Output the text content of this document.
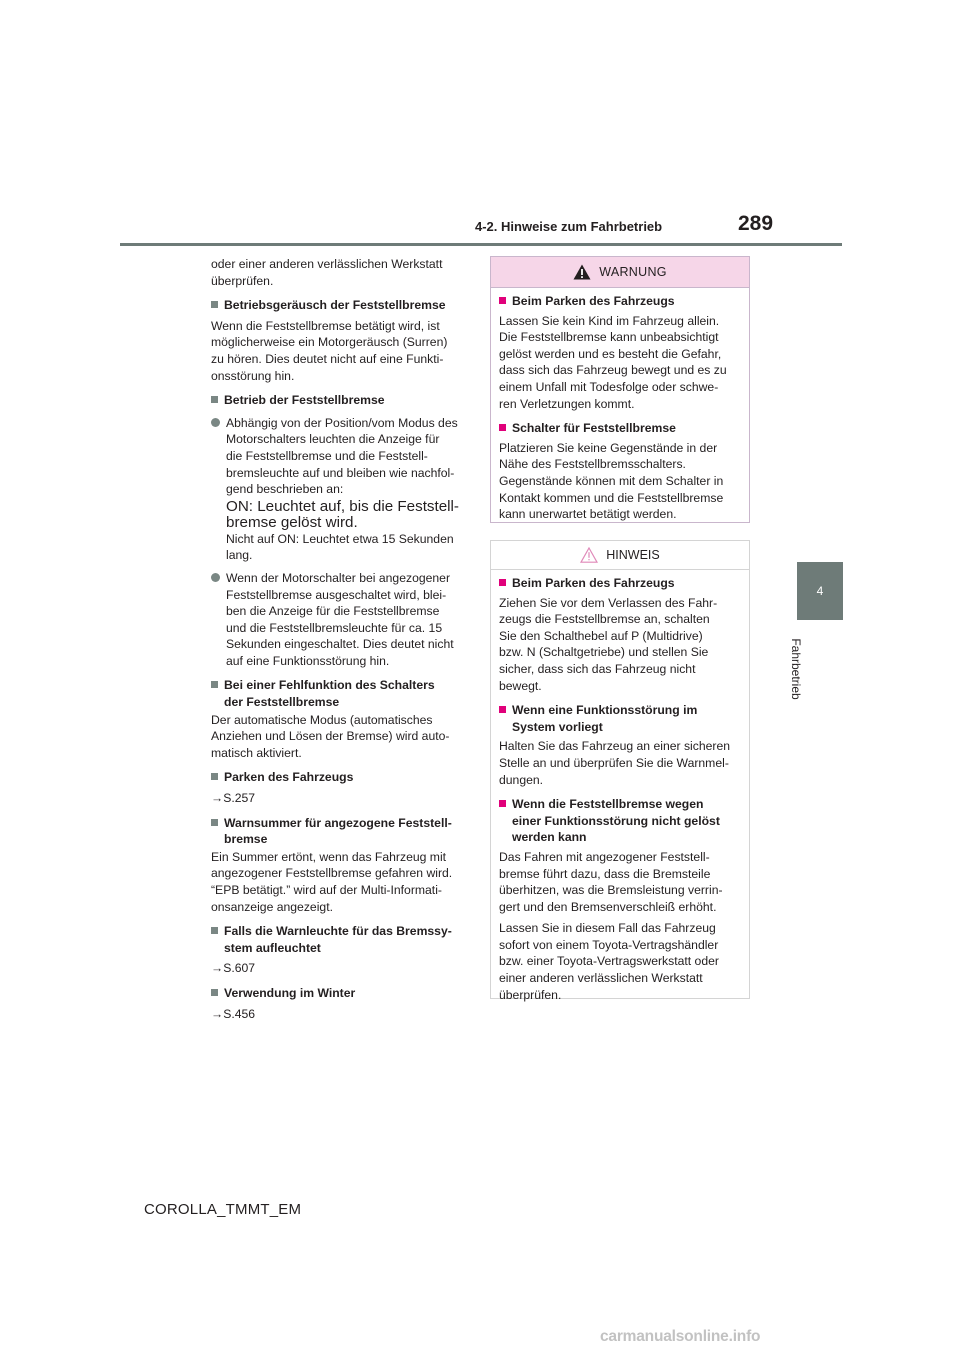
4-2. Hinweise zum Fahrbetrieb	289
4
Fahrbetrieb

oder einer anderen verlässlichen Werkstatt
überprüfen.

Betriebsgeräusch der Feststellbremse

Wenn die Feststellbremse betätigt wird, ist
möglicherweise ein Motorgeräusch (Surren)
zu hören. Dies deutet nicht auf eine Funkti-
onsstörung hin.

Betrieb der Feststellbremse
Abhängig von der Position/vom Modus des
Motorschalters leuchten die Anzeige für
die Feststellbremse und die Feststell-
bremsleuchte auf und bleiben wie nachfol-
gend beschrieben an:
ON: Leuchtet auf, bis die Feststell-
bremse gelöst wird.
Nicht auf ON: Leuchtet etwa 15 Sekunden
lang.
Wenn der Motorschalter bei angezogener
Feststellbremse ausgeschaltet wird, blei-
ben die Anzeige für die Feststellbremse
und die Feststellbremsleuchte für ca. 15
Sekunden eingeschaltet. Dies deutet nicht
auf eine Funktionsstörung hin.
Bei einer Fehlfunktion des Schalters
der Feststellbremse

Der automatische Modus (automatisches
Anziehen und Lösen der Bremse) wird auto-
matisch aktiviert.

Parken des Fahrzeugs

→S.257

Warnsummer für angezogene Feststell-
bremse

Ein Summer ertönt, wenn das Fahrzeug mit
angezogener Feststellbremse gefahren wird.
“EPB betätigt.” wird auf der Multi-Informati-
onsanzeige angezeigt.

Falls die Warnleuchte für das Bremssy-
stem aufleuchtet

→S.607

Verwendung im Winter

→S.456

WARNUNG
Beim Parken des Fahrzeugs

Lassen Sie kein Kind im Fahrzeug allein.
Die Feststellbremse kann unbeabsichtigt
gelöst werden und es besteht die Gefahr,
dass sich das Fahrzeug bewegt und es zu
einem Unfall mit Todesfolge oder schwe-
ren Verletzungen kommt.

Schalter für Feststellbremse

Platzieren Sie keine Gegenstände in der
Nähe des Feststellbremsschalters.
Gegenstände können mit dem Schalter in
Kontakt kommen und die Feststellbremse
kann unerwartet betätigt werden.

HINWEIS
Beim Parken des Fahrzeugs

Ziehen Sie vor dem Verlassen des Fahr-
zeugs die Feststellbremse an, schalten
Sie den Schalthebel auf P (Multidrive)
bzw. N (Schaltgetriebe) und stellen Sie
sicher, dass sich das Fahrzeug nicht
bewegt.

Wenn eine Funktionsstörung im
System vorliegt

Halten Sie das Fahrzeug an einer sicheren
Stelle an und überprüfen Sie die Warnmel-
dungen.

Wenn die Feststellbremse wegen
einer Funktionsstörung nicht gelöst
werden kann

Das Fahren mit angezogener Feststell-
bremse führt dazu, dass die Bremsteile
überhitzen, was die Bremsleistung verrin-
gert und den Bremsenverschleiß erhöht.

Lassen Sie in diesem Fall das Fahrzeug
sofort von einem Toyota-Vertragshändler
bzw. einer Toyota-Vertragswerkstatt oder
einer anderen verlässlichen Werkstatt
überprüfen.

COROLLA_TMMT_EM
carmanualsonline.info
